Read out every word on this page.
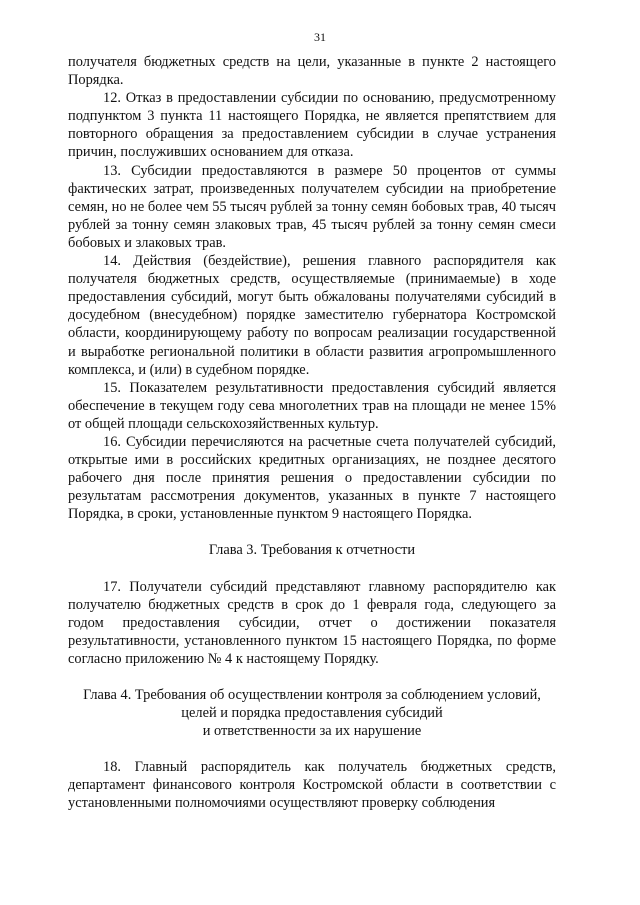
31

получателя бюджетных средств на цели, указанные в пункте 2 настоящего Порядка.

12. Отказ в предоставлении субсидии по основанию, предусмотренному подпунктом 3 пункта 11 настоящего Порядка, не является препятствием для повторного обращения за предоставлением субсидии в случае устранения причин, послуживших основанием для отказа.

13. Субсидии предоставляются в размере 50 процентов от суммы фактических затрат, произведенных получателем субсидии на приобретение семян, но не более чем 55 тысяч рублей за тонну семян бобовых трав, 40 тысяч рублей за тонну семян злаковых трав, 45 тысяч рублей за тонну семян смеси бобовых и злаковых трав.

14. Действия (бездействие), решения главного распорядителя как получателя бюджетных средств, осуществляемые (принимаемые) в ходе предоставления субсидий, могут быть обжалованы получателями субсидий в досудебном (внесудебном) порядке заместителю губернатора Костромской области, координирующему работу по вопросам реализации государственной и выработке региональной политики в области развития агропромышленного комплекса, и (или) в судебном порядке.

15. Показателем результативности предоставления субсидий является обеспечение в текущем году сева многолетних трав на площади не менее 15% от общей площади сельскохозяйственных культур.

16. Субсидии перечисляются на расчетные счета получателей субсидий, открытые ими в российских кредитных организациях, не позднее десятого рабочего дня после принятия решения о предоставлении субсидии по результатам рассмотрения документов, указанных в пункте 7 настоящего Порядка, в сроки, установленные пунктом 9 настоящего Порядка.

Глава 3. Требования к отчетности

17. Получатели субсидий представляют главному распорядителю как получателю бюджетных средств в срок до 1 февраля года, следующего за годом предоставления субсидии, отчет о достижении показателя результативности, установленного пунктом 15 настоящего Порядка, по форме согласно приложению № 4 к настоящему Порядку.

Глава 4. Требования об осуществлении контроля за соблюдением условий,
целей и порядка предоставления субсидий
и ответственности за их нарушение

18. Главный распорядитель как получатель бюджетных средств, департамент финансового контроля Костромской области в соответствии с установленными полномочиями осуществляют проверку соблюдения
